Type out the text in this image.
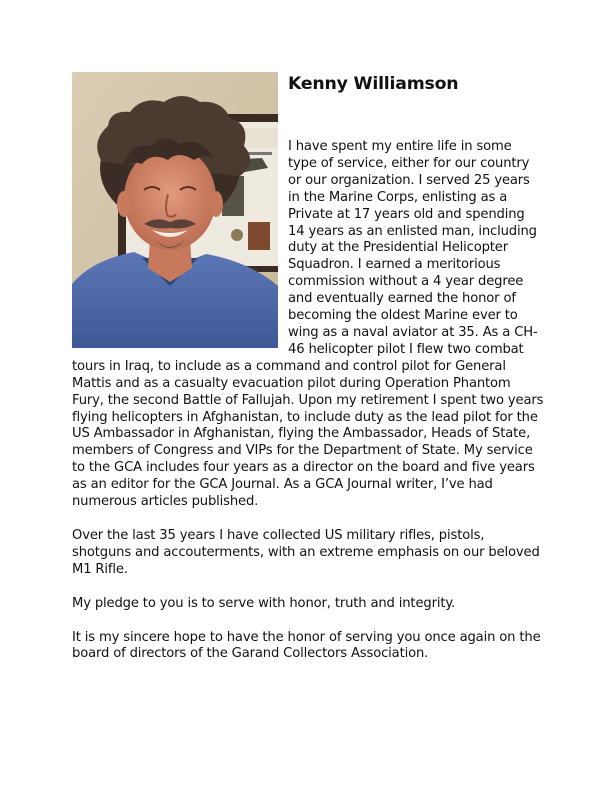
Kenny Williamson

I have spent my entire life in some type of service, either for our country or our organization. I served 25 years in the Marine Corps, enlisting as a Private at 17 years old and spending 14 years as an enlisted man, including duty at the Presidential Helicopter Squadron. I earned a meritorious commission without a 4 year degree and eventually earned the honor of becoming the oldest Marine ever to wing as a naval aviator at 35. As a CH-46 helicopter pilot I flew two combat tours in Iraq, to include as a command and control pilot for General Mattis and as a casualty evacuation pilot during Operation Phantom Fury, the second Battle of Fallujah. Upon my retirement I spent two years flying helicopters in Afghanistan, to include duty as the lead pilot for the US Ambassador in Afghanistan, flying the Ambassador, Heads of State, members of Congress and VIPs for the Department of State. My service to the GCA includes four years as a director on the board and five years as an editor for the GCA Journal. As a GCA Journal writer, I’ve had numerous articles published.

Over the last 35 years I have collected US military rifles, pistols, shotguns and accouterments, with an extreme emphasis on our beloved M1 Rifle.

My pledge to you is to serve with honor, truth and integrity.

It is my sincere hope to have the honor of serving you once again on the board of directors of the Garand Collectors Association.
